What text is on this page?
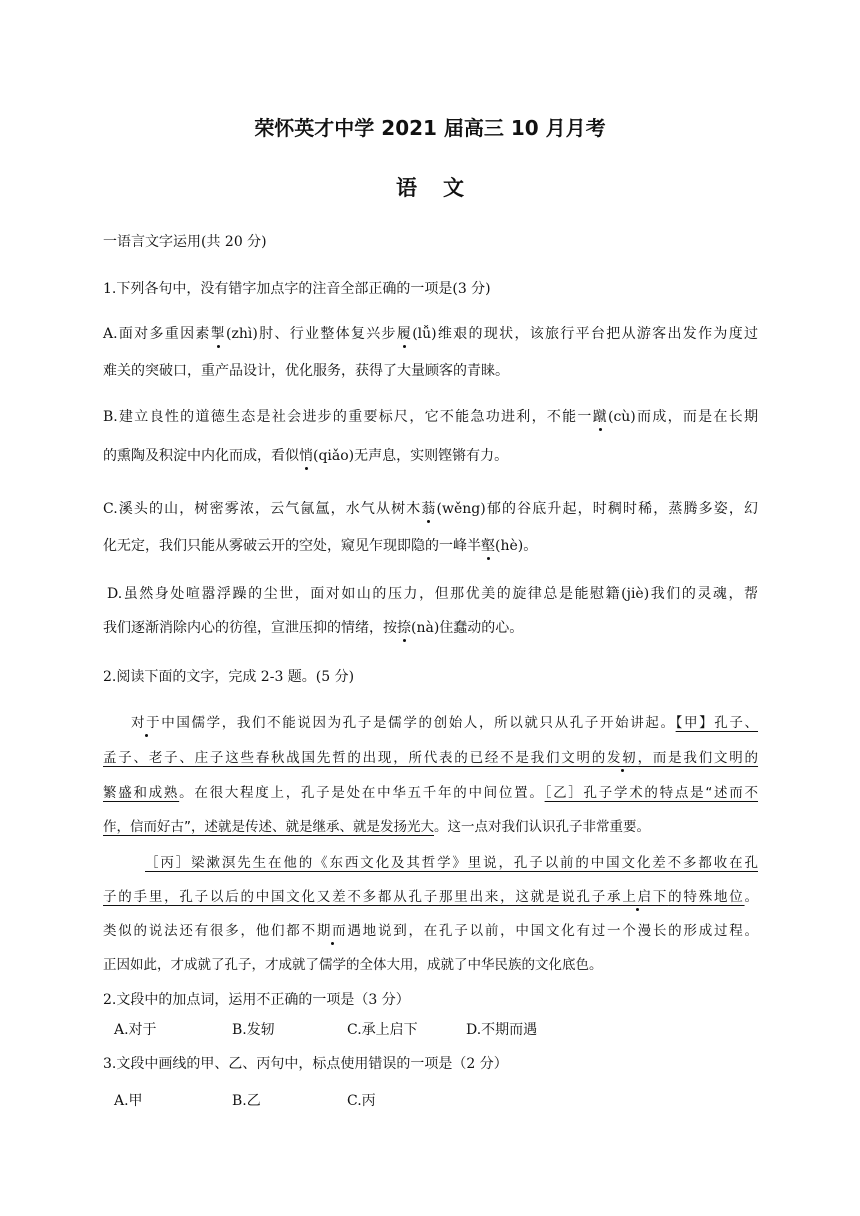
荣怀英才中学 2021 届高三 10 月月考
语文
一语言文字运用(共 20 分)
1.下列各句中，没有错字加点字的注音全部正确的一项是(3 分)
A.面对多重因素掣(zhì)肘、行业整体复兴步履(lǚ)维艰的现状，该旅行平台把从游客出发作为度过
难关的突破口，重产品设计，优化服务，获得了大量顾客的青睐。
B.建立良性的道德生态是社会进步的重要标尺，它不能急功进利，不能一蹴(cù)而成，而是在长期
的熏陶及积淀中内化而成，看似悄(qiǎo)无声息，实则铿锵有力。
C.溪头的山，树密雾浓，云气氤氲，水气从树木蓊(wěng)郁的谷底升起，时稠时稀，蒸腾多姿，幻
化无定，我们只能从雾破云开的空处，窥见乍现即隐的一峰半壑(hè)。
D.虽然身处喧嚣浮躁的尘世，面对如山的压力，但那优美的旋律总是能慰籍(jiè)我们的灵魂，帮
我们逐渐消除内心的彷徨，宣泄压抑的情绪，按捺(nà)住蠢动的心。
2.阅读下面的文字，完成 2-3 题。(5 分)
对于中国儒学，我们不能说因为孔子是儒学的创始人，所以就只从孔子开始讲起。【甲】孔子、
孟子、老子、庄子这些春秋战国先哲的出现，所代表的已经不是我们文明的发轫，而是我们文明的
繁盛和成熟。在很大程度上，孔子是处在中华五千年的中间位置。［乙］孔子学术的特点是“述而不
作，信而好古”，述就是传述、就是继承、就是发扬光大。这一点对我们认识孔子非常重要。
［丙］梁漱溟先生在他的《东西文化及其哲学》里说，孔子以前的中国文化差不多都收在孔
子的手里，孔子以后的中国文化又差不多都从孔子那里出来，这就是说孔子承上启下的特殊地位。
类似的说法还有很多，他们都不期而遇地说到，在孔子以前，中国文化有过一个漫长的形成过程。
正因如此，才成就了孔子，才成就了儒学的全体大用，成就了中华民族的文化底色。
2.文段中的加点词，运用不正确的一项是（3 分）
A.对于	B.发轫	C.承上启下	D.不期而遇
3.文段中画线的甲、乙、丙句中，标点使用错误的一项是（2 分）
A.甲	B.乙	C.丙
